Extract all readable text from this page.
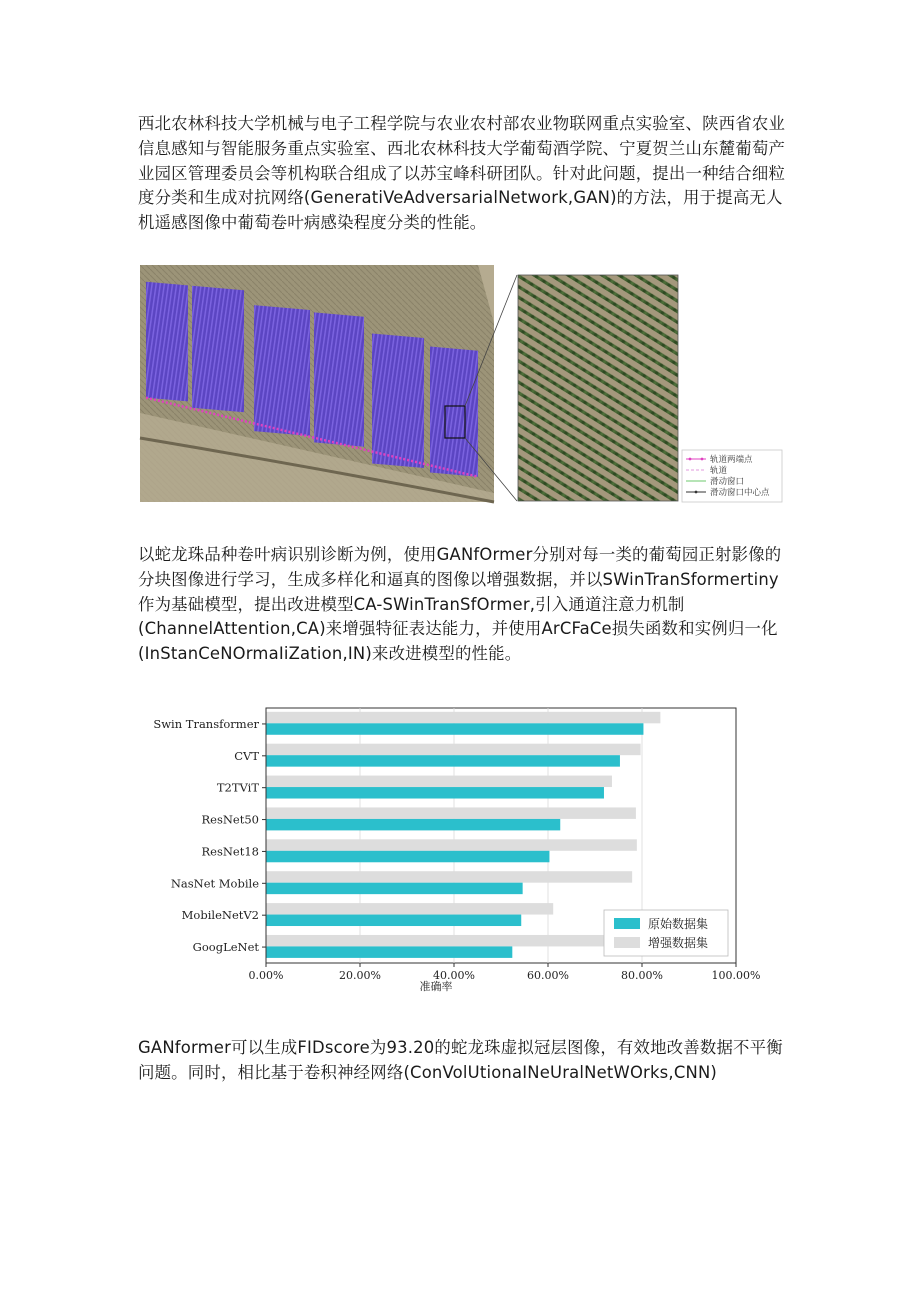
西北农林科技大学机械与电子工程学院与农业农村部农业物联网重点实验室、陕西省农业信息感知与智能服务重点实验室、西北农林科技大学葡萄酒学院、宁夏贺兰山东麓葡萄产业园区管理委员会等机构联合组成了以苏宝峰科研团队。针对此问题，提出一种结合细粒度分类和生成对抗网络(GeneratiVeAdversarialNetwork,GAN)的方法，用于提高无人机遥感图像中葡萄卷叶病感染程度分类的性能。

轨道两端点
轨道
滑动窗口
滑动窗口中心点

以蛇龙珠品种卷叶病识别诊断为例，使用GANfOrmer分别对每一类的葡萄园正射影像的分块图像进行学习，生成多样化和逼真的图像以增强数据，并以SWinTranSformertiny作为基础模型，提出改进模型CA-SWinTranSfOrmer,引入通道注意力机制(ChannelAttention,CA)来增强特征表达能力，并使用ArCFaCe损失函数和实例归一化(InStanCeNOrmaIiZation,IN)来改进模型的性能。

Swin Transformer
CVT
T2TViT
ResNet50
ResNet18
NasNet Mobile
MobileNetV2
GoogLeNet
0.00%	20.00%	40.00%	60.00%	80.00%	100.00%
准确率
原始数据集
增强数据集

GANformer可以生成FIDscore为93.20的蛇龙珠虚拟冠层图像，有效地改善数据不平衡问题。同时，相比基于卷积神经网络(ConVolUtionaINeUralNetWOrks,CNN)
